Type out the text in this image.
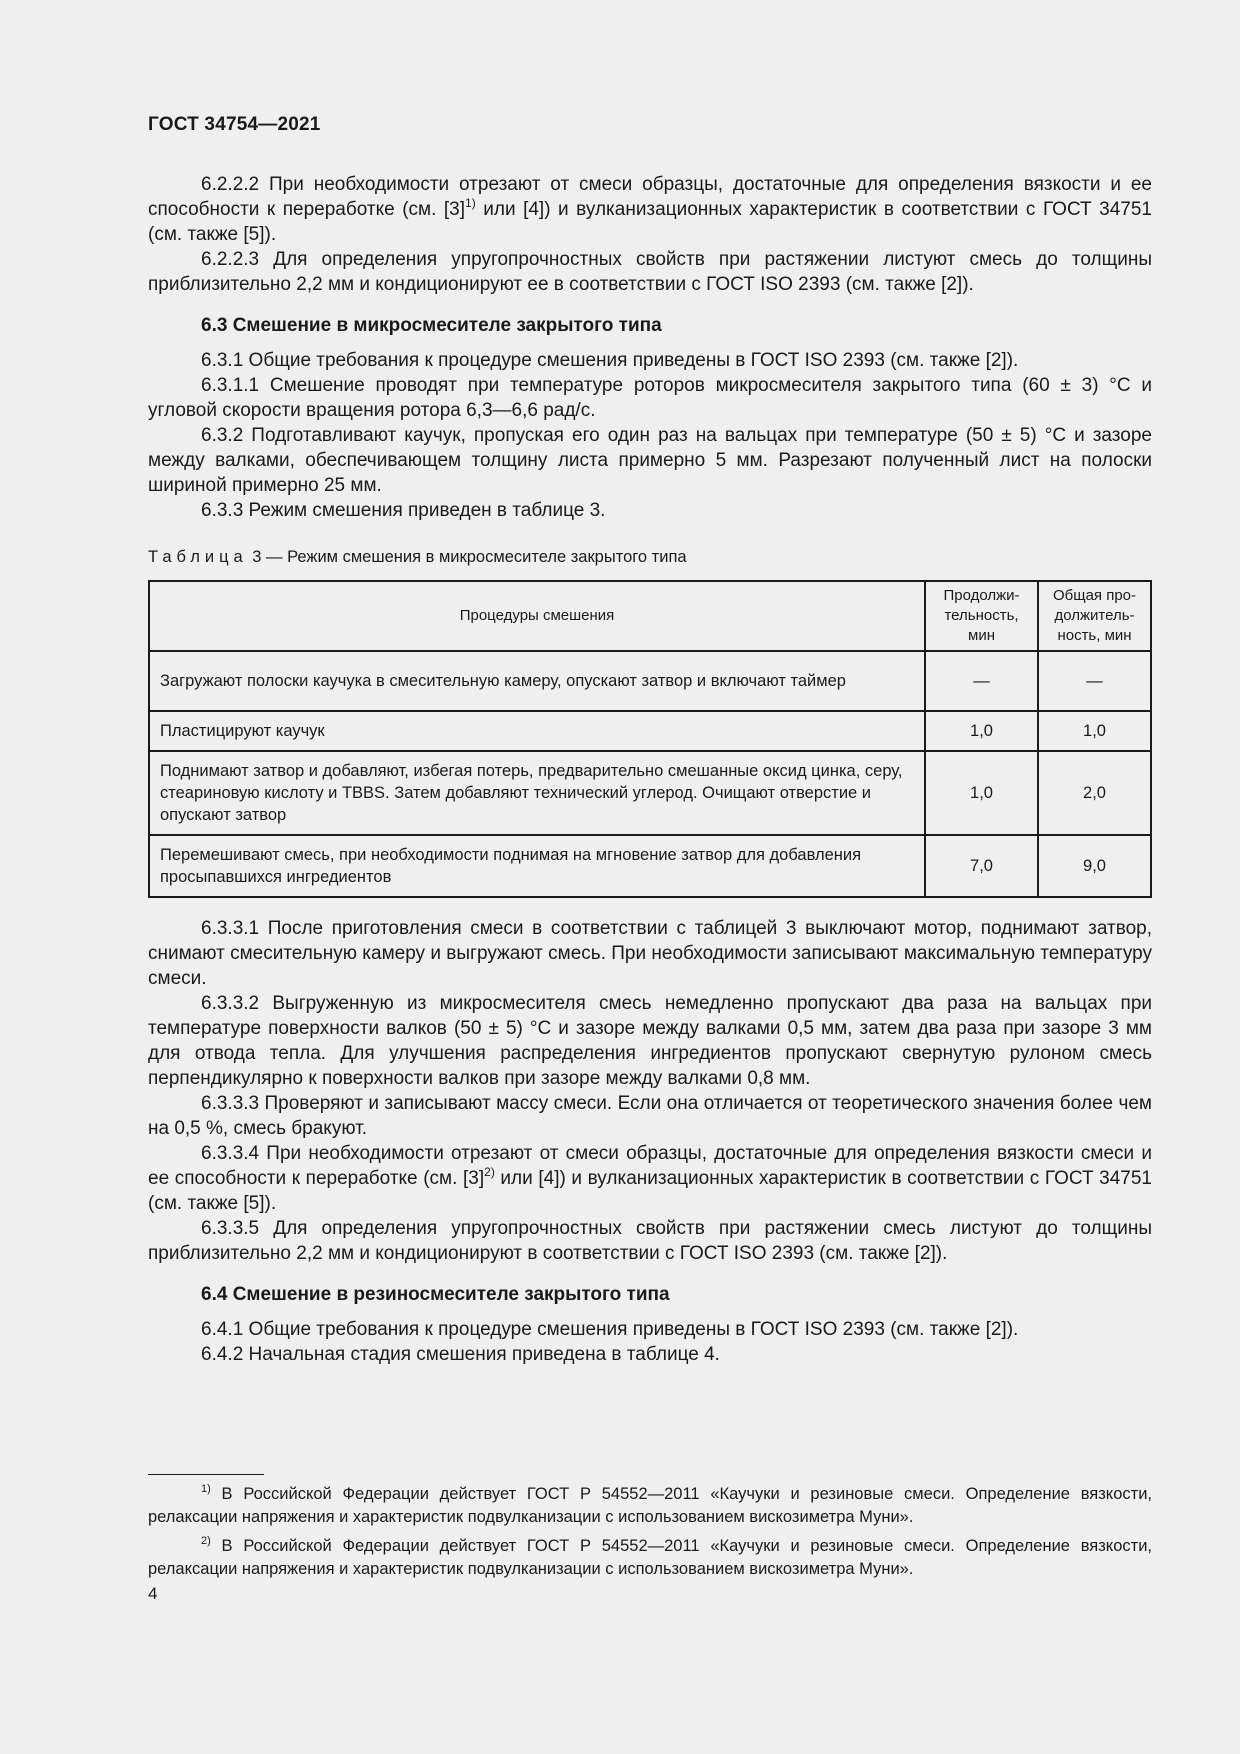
ГОСТ 34754—2021

6.2.2.2 При необходимости отрезают от смеси образцы, достаточные для определения вязкости и ее способности к переработке (см. $[3]^{1)}$ или [4]) и вулканизационных характеристик в соответствии с ГОСТ 34751 (см. также [5]).

6.2.2.3 Для определения упругопрочностных свойств при растяжении листуют смесь до толщины приблизительно 2,2 мм и кондиционируют ее в соответствии с ГОСТ ISO 2393 (см. также [2]).

6.3 Смешение в микросмесителе закрытого типа

6.3.1 Общие требования к процедуре смешения приведены в ГОСТ ISO 2393 (см. также [2]).

6.3.1.1 Смешение проводят при температуре роторов микросмесителя закрытого типа (60 ± 3) °С и угловой скорости вращения ротора 6,3—6,6 рад/с.

6.3.2 Подготавливают каучук, пропуская его один раз на вальцах при температуре (50 ± 5) °С и зазоре между валками, обеспечивающем толщину листа примерно 5 мм. Разрезают полученный лист на полоски шириной примерно 25 мм.

6.3.3 Режим смешения приведен в таблице 3.

Таблица 3 — Режим смешения в микросмесителе закрытого типа
Процедуры смешения	Продолжи-тельность, мин	Общая про-должитель-ность, мин
Загружают полоски каучука в смесительную камеру, опускают затвор и включают таймер	—	—
Пластицируют каучук	1,0	1,0
Поднимают затвор и добавляют, избегая потерь, предварительно смешанные оксид цинка, серу, стеариновую кислоту и TBBS. Затем добавляют технический углерод. Очищают отверстие и опускают затвор	1,0	2,0
Перемешивают смесь, при необходимости поднимая на мгновение затвор для добавления просыпавшихся ингредиентов	7,0	9,0

6.3.3.1 После приготовления смеси в соответствии с таблицей 3 выключают мотор, поднимают затвор, снимают смесительную камеру и выгружают смесь. При необходимости записывают максимальную температуру смеси.

6.3.3.2 Выгруженную из микросмесителя смесь немедленно пропускают два раза на вальцах при температуре поверхности валков (50 ± 5) °С и зазоре между валками 0,5 мм, затем два раза при зазоре 3 мм для отвода тепла. Для улучшения распределения ингредиентов пропускают свернутую рулоном смесь перпендикулярно к поверхности валков при зазоре между валками 0,8 мм.

6.3.3.3 Проверяют и записывают массу смеси. Если она отличается от теоретического значения более чем на 0,5 %, смесь бракуют.

6.3.3.4 При необходимости отрезают от смеси образцы, достаточные для определения вязкости смеси и ее способности к переработке (см. $[3]^{2)}$ или [4]) и вулканизационных характеристик в соответствии с ГОСТ 34751 (см. также [5]).

6.3.3.5 Для определения упругопрочностных свойств при растяжении смесь листуют до толщины приблизительно 2,2 мм и кондиционируют в соответствии с ГОСТ ISO 2393 (см. также [2]).

6.4 Смешение в резиносмесителе закрытого типа

6.4.1 Общие требования к процедуре смешения приведены в ГОСТ ISO 2393 (см. также [2]).

6.4.2 Начальная стадия смешения приведена в таблице 4.

$^{1)}$ В Российской Федерации действует ГОСТ Р 54552—2011 «Каучуки и резиновые смеси. Определение вязкости, релаксации напряжения и характеристик подвулканизации с использованием вискозиметра Муни».

$^{2)}$ В Российской Федерации действует ГОСТ Р 54552—2011 «Каучуки и резиновые смеси. Определение вязкости, релаксации напряжения и характеристик подвулканизации с использованием вискозиметра Муни».

4
